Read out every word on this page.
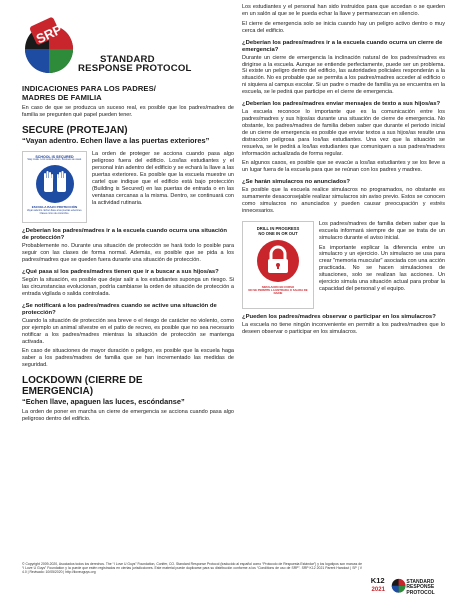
SRP
STANDARD
RESPONSE PROTOCOL
INDICACIONES PARA LOS PADRES/
MADRES DE FAMILIA

En caso de que se produzca un suceso real, es posible que los padres/madres de familia se pregunten qué papel pueden tener.

SECURE (PROTEJAN)
“Vayan adentro. Echen llave a las puertas exteriores”
SCHOOL IS SECURED
Stay inside. Lock outside doors. Business as usual.
ESCUELA BAJO PROTECCIÓN
Vayan adentro. Echen llave a las puertas exteriores. Clases como de costumbre.

La orden de proteger se acciona cuando pasa algo peligroso fuera del edificio. Los/las estudiantes y el personal irán adentro del edificio y se echará la llave a las puertas exteriores. Es posible que la escuela muestre un cartel que indique que el edificio está bajo protección (Building is Secured) en las puertas de entrada o en las ventanas cercanas a la misma. Dentro, se continuará con la actividad rutinaria.

¿Deberían los padres/madres ir a la escuela cuando ocurra una situación de protección?

Probablemente no. Durante una situación de protección se hará todo lo posible para seguir con las clases de forma normal. Además, es posible que se pida a los padres/madres que se queden fuera durante una situación de protección.

¿Qué pasa si los padres/madres tienen que ir a buscar a sus hijos/as?

Según la situación, es posible que dejar salir a los estudiantes suponga un riesgo. Si las circunstancias evolucionan, podría cambiarse la orden de situación de protección a entrada vigilada o salida controlada.

¿Se notificará a los padres/madres cuando se active una situación de protección?

Cuando la situación de protección sea breve o el riesgo de carácter no violento, como por ejemplo un animal silvestre en el patio de recreo, es posible que no sea necesario notificar a los padres/madres mientras la situación de protección se mantenga activada.

En caso de situaciones de mayor duración o peligro, es posible que la escuela haga saber a los padres/madres de familia que se han incrementado las medidas de seguridad.

LOCKDOWN (CIERRE DE
EMERGENCIA)
“Echen llave, apaguen las luces, escóndanse”

La orden de poner en marcha un cierre de emergencia se acciona cuando pasa algo peligroso dentro del edificio.

Los estudiantes y el personal han sido instruidos para que accedan o se queden en un salón al que se le pueda echar la llave y permanezcan en silencio.

El cierre de emergencia solo se inicia cuando hay un peligro activo dentro o muy cerca del edificio.

¿Deberían los padres/madres ir a la escuela cuando ocurra un cierre de emergencia?

Durante un cierre de emergencia la inclinación natural de los padres/madres es dirigirse a la escuela. Aunque se entiende perfectamente, puede ser un problema. Si existe un peligro dentro del edificio, las autoridades policiales responderán a la situación. No es probable que se permita a los padres/madres acceder al edificio o ni siquiera al campus escolar. Si un padre o madre de familia ya se encuentra en la escuela, se le pedirá que participe en el cierre de emergencia.

¿Deberían los padres/madres enviar mensajes de texto a sus hijos/as?

La escuela reconoce lo importante que es la comunicación entre los padres/madres y sus hijos/as durante una situación de cierre de emergencia. No obstante, los padres/madres de familia deben saber que durante el periodo inicial de un cierre de emergencia es posible que enviar textos a sus hijos/as resulte una distracción peligrosa para los/las estudiantes. Una vez que la situación se resuelva, se le pedirá a los/las estudiantes que comuniquen a sus padres/madres información actualizada de forma regular.

En algunos casos, es posible que se evacúe a los/las estudiantes y se los lleve a un lugar fuera de la escuela para que se reúnan con los padres y madres.

¿Se harán simulacros no anunciados?

Es posible que la escuela realice simulacros no programados, no obstante es sumamente desaconsejable realizar simulacros sin aviso previo. Estos se conocen como simulacros no anunciados y pueden causar preocupación y estrés innecesarios.

DRILL IN PROGRESS
NO ONE IN OR OUT
SIMULACRO EN CURSO
NO SE PERMITE LA ENTRADA O SALIDA DE NADIE

Los padres/madres de familia deben saber que la escuela informará siempre de que se trata de un simulacro durante el aviso inicial.

Es importante explicar la diferencia entre un simulacro y un ejercicio. Un simulacro se usa para crear "memoria muscular" asociada con una acción practicada. No se hacen simulaciones de situaciones, solo se realizan las acciones. Un ejercicio simula una situación actual para probar la capacidad del personal y el equipo.

¿Pueden los padres/madres observar o participar en los simulacros?

La escuela no tiene ningún inconveniente en permitir a los padres/madres que lo deseen observar o participar en los simulacros.

© Copyright 2009-2020, Asociados todos los derechos. The “I Love U Guys” Foundation, Conifer, CO. Standard Response Protocol (traducido al español como “Protocolo de Respuesta Estándar”) y los logotipos son marcas de “I Love U Guys” Foundation y la puede que estén registrados en ciertas jurisdicciones. Este material puede duplicarse para su distribución conforme a los “Conditions de uso de SRP”. SRP K12 2021 Parent Handout | SP | V 4.0 | Revisado: 10/05/2020 | http://iloveuguys.org
K12
2021
STANDARD
RESPONSE PROTOCOL
